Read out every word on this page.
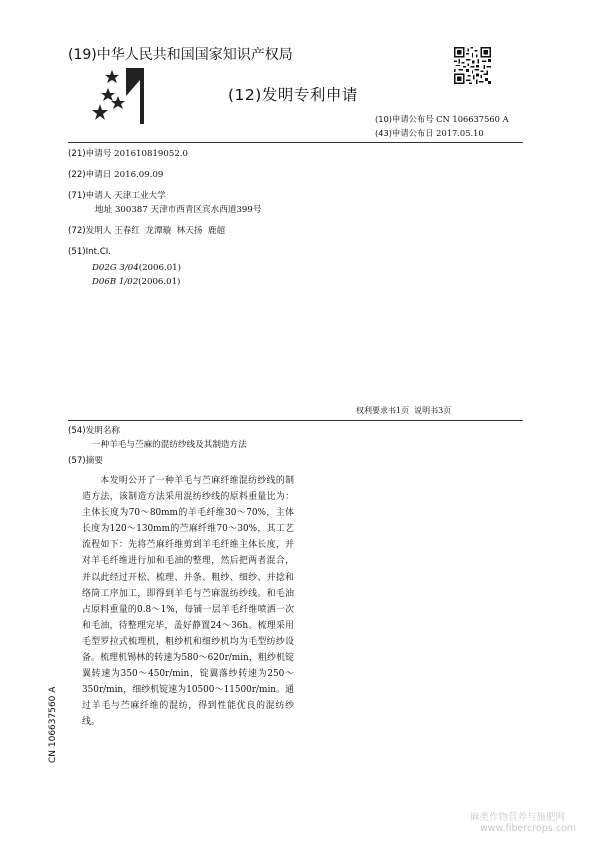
(19)中华人民共和国国家知识产权局
(12)发明专利申请
(10)申请公布号 CN 106637560 A
(43)申请公布日 2017.05.10
(21)申请号 201610819052.0
(22)申请日 2016.09.09
(71)申请人 天津工业大学
地址 300387 天津市西青区宾水西道399号
(72)发明人 王春红  龙潭璇  林天扬  鹿超
(51)Int.CI.
D02G 3/04(2006.01)
D06B 1/02(2006.01)
权利要求书1页  说明书3页
(54)发明名称
一种羊毛与苎麻的混纺纱线及其制造方法
(57)摘要
本发明公开了一种羊毛与苎麻纤维混纺纱线的制造方法，该制造方法采用混纺纱线的原料重量比为：主体长度为70～80mm的羊毛纤维30～70%，主体长度为120～130mm的苎麻纤维70～30%，其工艺流程如下：先将苎麻纤维剪到羊毛纤维主体长度，并对羊毛纤维进行加和毛油的整理，然后把两者混合，并以此经过开松、梳理、并条、粗纱、细纱、并捻和络筒工序加工，即得到羊毛与苎麻混纺纱线。和毛油占原料重量的0.8～1%，每铺一层羊毛纤维喷洒一次和毛油，待整理完毕，盖好静置24～36h。梳理采用毛型罗拉式梳理机，粗纱机和细纱机均为毛型纺纱设备。梳理机锡林的转速为580～620r/min，粗纱机锭翼转速为350～450r/min，锭翼落纱转速为250～350r/min，细纱机锭速为10500～11500r/min。通过羊毛与苎麻纤维的混纺，得到性能优良的混纺纱线。
CN 106637560 A
麻类作物营养与施肥网
www.fibercrops.com
